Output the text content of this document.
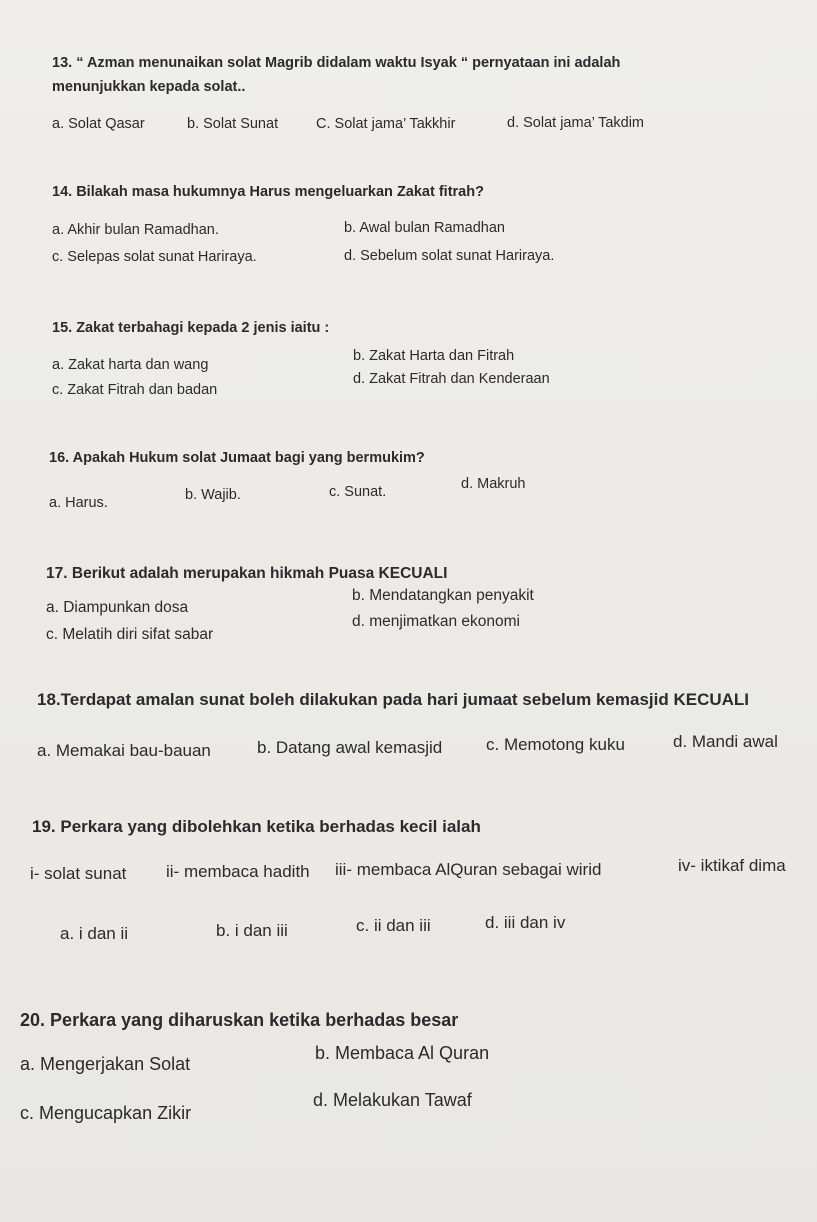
13. “ Azman menunaikan solat Magrib didalam waktu Isyak “ pernyataan ini adalah
menunjukkan kepada solat..
a. Solat Qasar	b. Solat Sunat	C. Solat jama’ Takkhir	d. Solat jama’ Takdim
14. Bilakah masa hukumnya Harus mengeluarkan Zakat fitrah?
a. Akhir bulan Ramadhan.	b. Awal bulan Ramadhan
c. Selepas solat sunat Hariraya.	d. Sebelum solat sunat Hariraya.
15. Zakat terbahagi kepada 2 jenis iaitu :
a. Zakat harta dan wang
b. Zakat Harta dan Fitrah
c. Zakat Fitrah dan badan
d. Zakat Fitrah dan Kenderaan
16. Apakah Hukum solat Jumaat bagi yang bermukim?
a. Harus.	b. Wajib.	c. Sunat.	d. Makruh
17. Berikut adalah merupakan hikmah Puasa KECUALI
a. Diampunkan dosa
b. Mendatangkan penyakit
c. Melatih diri sifat sabar
d. menjimatkan ekonomi
18.Terdapat amalan sunat boleh dilakukan pada hari jumaat sebelum kemasjid KECUALI
a. Memakai bau-bauan	b. Datang awal kemasjid	c. Memotong kuku	d. Mandi awal
19. Perkara yang dibolehkan ketika berhadas kecil ialah
i- solat sunat ii- membaca hadith iii- membaca AlQuran sebagai wirid	iv- iktikaf dima
a. i dan ii	b. i dan iii	c. ii dan iii	d. iii dan iv
20. Perkara yang diharuskan ketika berhadas besar
a. Mengerjakan Solat
b. Membaca Al Quran
c. Mengucapkan Zikir
d. Melakukan Tawaf
